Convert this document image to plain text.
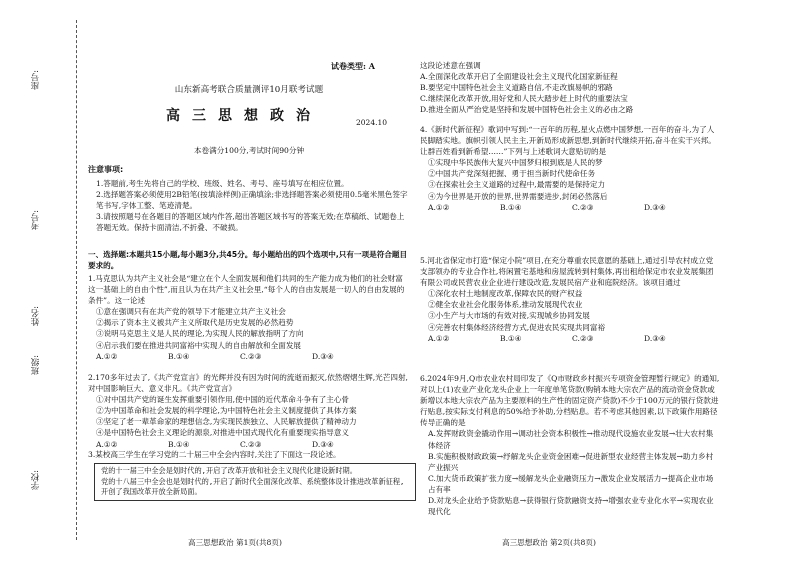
学校:
班级:
姓名:
考号:
座号:
试卷类型: A
山东新高考联合质量测评10月联考试题
高三思想政治	2024.10
本卷满分100分,考试时间90分钟
注意事项:

1.答题前,考生先将自己的学校、班级、姓名、考号、座号填写在相应位置。

2.选择题答案必须使用2B铅笔(按填涂样例)正确填涂;非选择题答案必须使用0.5毫米黑色签字笔书写,字体工整、笔迹清楚。

3.请按照题号在各题目的答题区域内作答,超出答题区域书写的答案无效;在草稿纸、试题卷上答题无效。保持卡面清洁,不折叠、不破损。

一、选择题:本题共15小题,每小题3分,共45分。每小题给出的四个选项中,只有一项是符合题目要求的。

1.马克思认为共产主义社会是“建立在个人全面发展和他们共同的生产能力成为他们的社会财富这一基础上的自由个性”,而且认为在共产主义社会里,“每个人的自由发展是一切人的自由发展的条件”。这一论述

①意在强调只有在共产党的领导下才能建立共产主义社会

②揭示了资本主义被共产主义所取代是历史发展的必然趋势

③说明马克思主义是人民的理论,为实现人民的解放指明了方向

④启示我们要在推进共同富裕中实现人的自由解放和全面发展

A.①②	B.①④	C.②③	D.③④

2.170多年过去了,《共产党宣言》的光辉并没有因为时间的流逝而振灭,依然熠熠生辉,光芒四射,对中国影响巨大、意义非凡。《共产党宣言》

①对中国共产党的诞生发挥重要引领作用,使中国的近代革命斗争有了主心骨

②为中国革命和社会发展的科学理论,为中国特色社会主义制度提供了具体方案

③坚定了老一辈革命家的理想信念,为实现民族独立、人民解放提供了精神动力

④是中国特色社会主义理论的源泉,对推进中国式现代化有重要现实指导意义

A.①②	B.①④	C.②③	D.③④

3.某校高三学生在学习党的二十届三中全会内容时,关注了下面这一段论述。

党的十一届三中全会是划时代的,开启了改革开放和社会主义现代化建设新时期。

党的十八届三中全会也是划时代的,开启了新时代全面深化改革、系统整体设计推进改革新征程,开创了我国改革开放全新局面。

高三思想政治 第1页(共8页)

这段论述意在强调

A.全面深化改革开启了全面建设社会主义现代化国家新征程

B.要坚定中国特色社会主义道路自信,不走改旗易帜的邪路

C.继续深化改革开放,用好党和人民大踏步赶上时代的重要法宝

D.推进全面从严治党是坚持和发展中国特色社会主义的必由之路

4.《新时代新征程》歌词中写到:“一百年的历程,星火点燃中国梦想,一百年的奋斗,为了人民脚踏实地。旗帜引领人民主主,开新局形成新思想,到新时代继续开拓,奋斗在实干兴邦。让群百姓看到新希望……”下列与上述歌词大意贴切的是

①实现中华民族伟大复兴中国梦归根到底是人民的梦

②中国共产党深刻把握、勇于担当新时代使命任务

③在探索社会主义道路的过程中,最需要的是保持定力

④为今世界是开放的世界,世界需要进步,封闭必然落后

A.①②	B.①④	C.②③	D.③④

5.河北省保定市打造“保定小院”项目,在充分尊重农民意愿的基础上,通过引导农村成立党支部领办的专业合作社,将闲置宅基地和房屋流转到村集体,再出租给保定市农业发展集团有限公司或民营农业企业进行建设改造,发展民宿产业和庭院经济。该项目通过

①深化农村土地制度改革,保障农民的财产权益

②健全农业社会化服务体系,推动发展现代农业

③小生产与大市场的有效对接,实现城乡协同发展

④完善农村集体经济经营方式,促进农民实现共同富裕

A.①②	B.①④	C.②③	D.③④

6.2024年9月,Q市农业农村局印发了《Q市财政乡村振兴专项资金管理暂行规定》的通知,对以上(1)农业产业化龙头企业上一年度单笔贷款(购销本地大宗农产品的流动资金贷款或新增以本地大宗农产品为主要原料的生产性的固定资产贷款)不少于100万元的银行贷款进行贴息,按实际支付利息的50%给予补助,分档贴息。若不考虑其他因素,以下政策作用路径传导正确的是

A.发挥财政资金撬动作用→调动社会资本积极性→推动现代设施农业发展→壮大农村集体经济

B.实施积极财政政策→纾解龙头企业资金困难→促进新型农业经营主体发展→助力乡村产业振兴

C.加大货币政策扩张力度→缓解龙头企业融资压力→激发企业发展活力→提高企业市场占有率

D.对龙头企业给予贷款贴息→获得银行贷款融资支持→增强农业专业化水平→实现农业现代化

高三思想政治 第2页(共8页)
